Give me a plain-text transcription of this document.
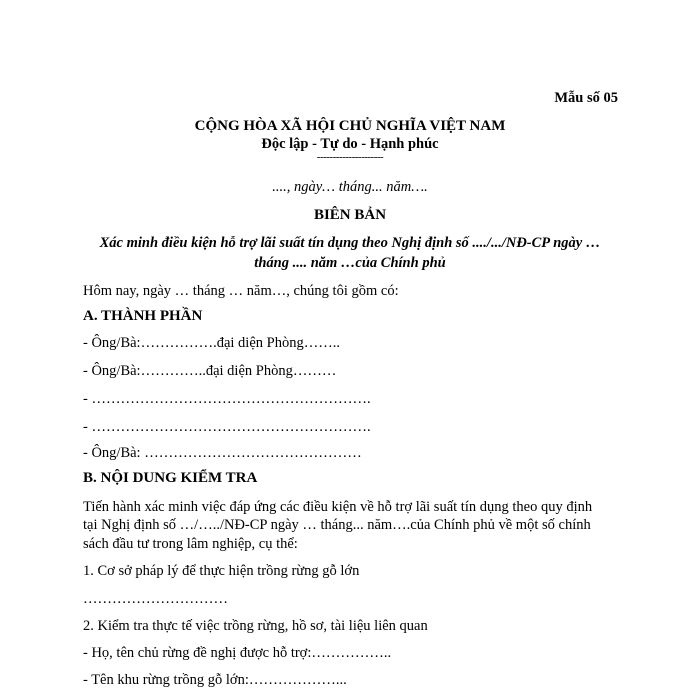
Mẫu số 05
CỘNG HÒA XÃ HỘI CHỦ NGHĨA VIỆT NAM
Độc lập - Tự do - Hạnh phúc
---------------------
...., ngày… tháng... năm….
BIÊN BẢN
Xác minh điều kiện hỗ trợ lãi suất tín dụng theo Nghị định số ..../.../NĐ-CP ngày …
tháng .... năm …của Chính phủ
Hôm nay, ngày … tháng … năm…, chúng tôi gồm có:
A. THÀNH PHẦN
- Ông/Bà:…………….đại diện Phòng……..
- Ông/Bà:…………..đại diện Phòng………
- ………………………………………………….
- ………………………………………………….
- Ông/Bà: ………………………………………
B. NỘI DUNG KIỂM TRA
Tiến hành xác minh việc đáp ứng các điều kiện về hỗ trợ lãi suất tín dụng theo quy định
tại Nghị định số …/…../NĐ-CP ngày … tháng... năm….của Chính phủ về một số chính
sách đầu tư trong lâm nghiệp, cụ thể:
1. Cơ sở pháp lý để thực hiện trồng rừng gỗ lớn
…………………………
2. Kiểm tra thực tế việc trồng rừng, hồ sơ, tài liệu liên quan
- Họ, tên chủ rừng đề nghị được hỗ trợ:……………..
- Tên khu rừng trồng gỗ lớn:………………...
